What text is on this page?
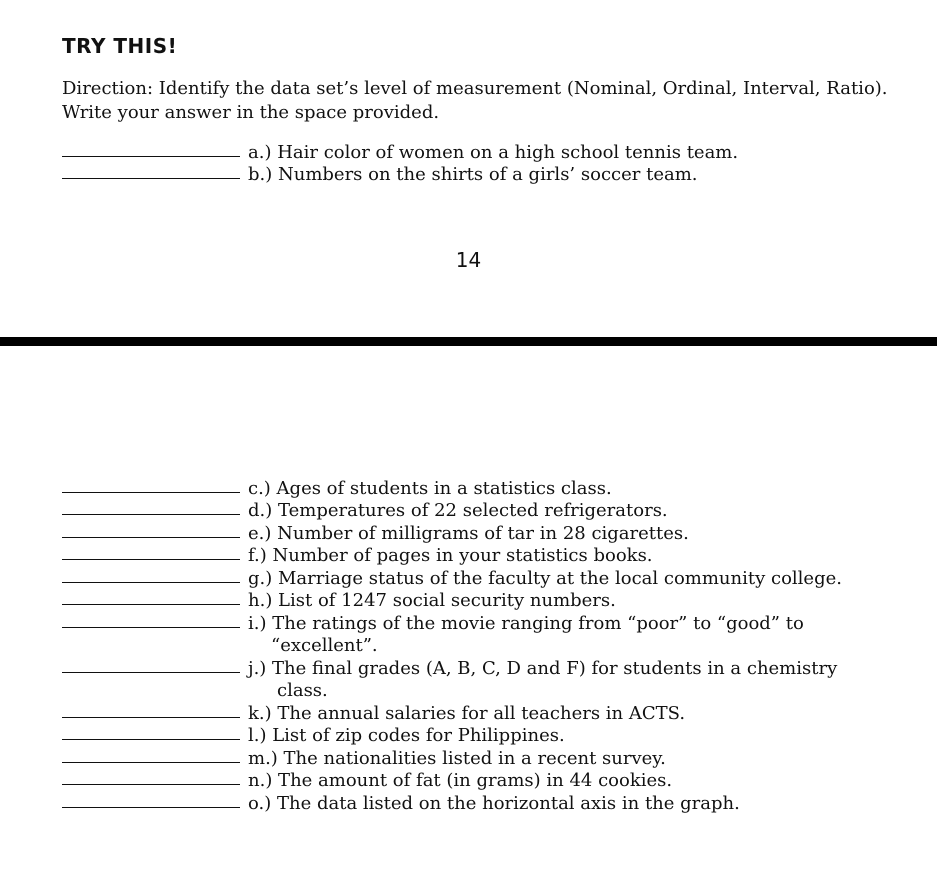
TRY THIS!
Direction: Identify the data set’s level of measurement (Nominal, Ordinal, Interval, Ratio). Write your answer in the space provided.
a.) Hair color of women on a high school tennis team.
b.) Numbers on the shirts of a girls’ soccer team.
14
c.) Ages of students in a statistics class.
d.) Temperatures of 22 selected refrigerators.
e.) Number of milligrams of tar in 28 cigarettes.
f.) Number of pages in your statistics books.
g.) Marriage status of the faculty at the local community college.
h.) List of 1247 social security numbers.
i.) The ratings of the movie ranging from “poor” to “good” to
“excellent”.
j.) The final grades (A, B, C, D and F) for students in a chemistry
class.
k.) The annual salaries for all teachers in ACTS.
l.) List of zip codes for Philippines.
m.) The nationalities listed in a recent survey.
n.) The amount of fat (in grams) in 44 cookies.
o.) The data listed on the horizontal axis in the graph.
